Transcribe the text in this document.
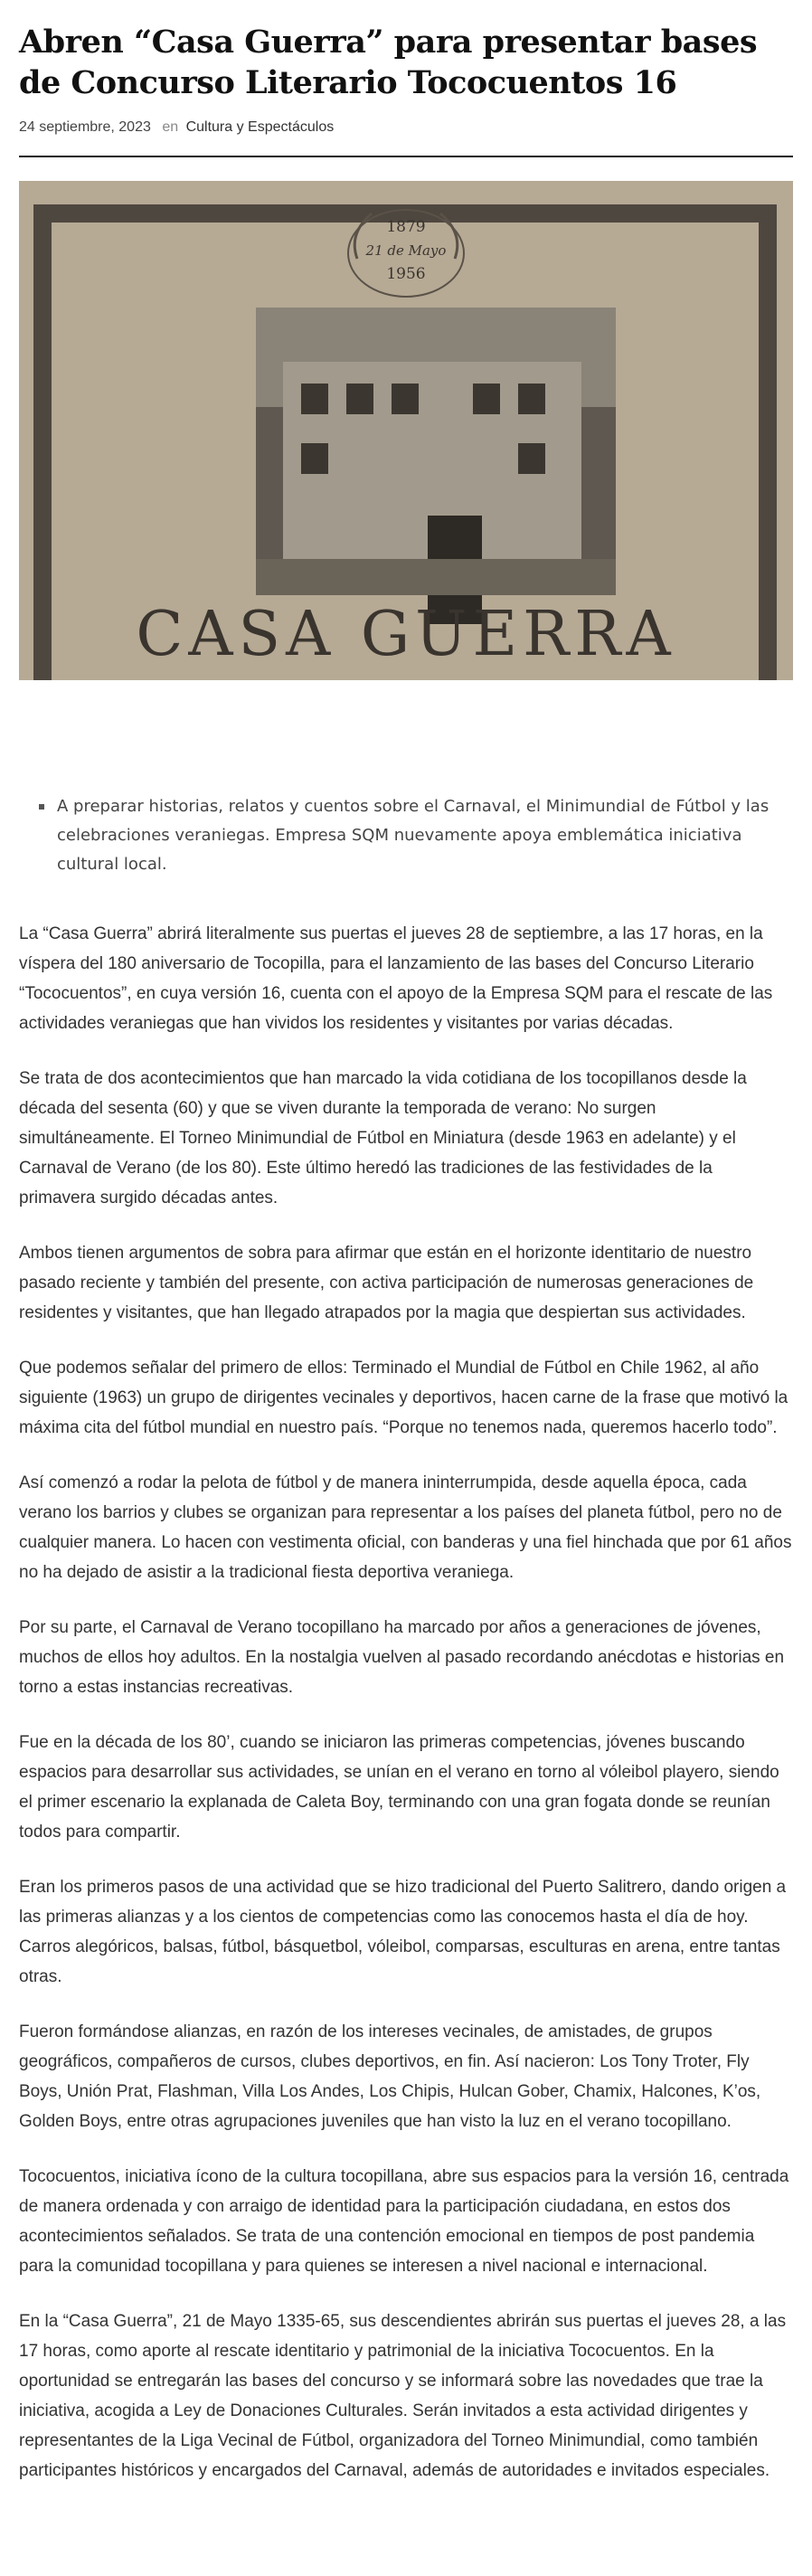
Abren “Casa Guerra” para presentar bases de Concurso Literario Tococuentos 16
24 septiembre, 2023 en Cultura y Espectáculos
1879
21 de Mayo
1956
CASA GUERRA
A preparar historias, relatos y cuentos sobre el Carnaval, el Minimundial de Fútbol y las celebraciones veraniegas. Empresa SQM nuevamente apoya emblemática iniciativa cultural local.

La “Casa Guerra” abrirá literalmente sus puertas el jueves 28 de septiembre, a las 17 horas, en la víspera del 180 aniversario de Tocopilla, para el lanzamiento de las bases del Concurso Literario “Tococuentos”, en cuya versión 16, cuenta con el apoyo de la Empresa SQM para el rescate de las actividades veraniegas que han vividos los residentes y visitantes por varias décadas.

Se trata de dos acontecimientos que han marcado la vida cotidiana de los tocopillanos desde la década del sesenta (60) y que se viven durante la temporada de verano: No surgen simultáneamente. El Torneo Minimundial de Fútbol en Miniatura (desde 1963 en adelante) y el Carnaval de Verano (de los 80). Este último heredó las tradiciones de las festividades de la primavera surgido décadas antes.

Ambos tienen argumentos de sobra para afirmar que están en el horizonte identitario de nuestro pasado reciente y también del presente, con activa participación de numerosas generaciones de residentes y visitantes, que han llegado atrapados por la magia que despiertan sus actividades.

Que podemos señalar del primero de ellos: Terminado el Mundial de Fútbol en Chile 1962, al año siguiente (1963) un grupo de dirigentes vecinales y deportivos, hacen carne de la frase que motivó la máxima cita del fútbol mundial en nuestro país. “Porque no tenemos nada, queremos hacerlo todo”.

Así comenzó a rodar la pelota de fútbol y de manera ininterrumpida, desde aquella época, cada verano los barrios y clubes se organizan para representar a los países del planeta fútbol, pero no de cualquier manera. Lo hacen con vestimenta oficial, con banderas y una fiel hinchada que por 61 años no ha dejado de asistir a la tradicional fiesta deportiva veraniega.

Por su parte, el Carnaval de Verano tocopillano ha marcado por años a generaciones de jóvenes, muchos de ellos hoy adultos. En la nostalgia vuelven al pasado recordando anécdotas e historias en torno a estas instancias recreativas.

Fue en la década de los 80’, cuando se iniciaron las primeras competencias, jóvenes buscando espacios para desarrollar sus actividades, se unían en el verano en torno al vóleibol playero, siendo el primer escenario la explanada de Caleta Boy, terminando con una gran fogata donde se reunían todos para compartir.

Eran los primeros pasos de una actividad que se hizo tradicional del Puerto Salitrero, dando origen a las primeras alianzas y a los cientos de competencias como las conocemos hasta el día de hoy. Carros alegóricos, balsas, fútbol, básquetbol, vóleibol, comparsas, esculturas en arena, entre tantas otras.

Fueron formándose alianzas, en razón de los intereses vecinales, de amistades, de grupos geográficos, compañeros de cursos, clubes deportivos, en fin. Así nacieron: Los Tony Troter, Fly Boys, Unión Prat, Flashman, Villa Los Andes, Los Chipis, Hulcan Gober, Chamix, Halcones, K’os, Golden Boys, entre otras agrupaciones juveniles que han visto la luz en el verano tocopillano.

Tococuentos, iniciativa ícono de la cultura tocopillana, abre sus espacios para la versión 16, centrada de manera ordenada y con arraigo de identidad para la participación ciudadana, en estos dos acontecimientos señalados. Se trata de una contención emocional en tiempos de post pandemia para la comunidad tocopillana y para quienes se interesen a nivel nacional e internacional.

En la “Casa Guerra”, 21 de Mayo 1335-65, sus descendientes abrirán sus puertas el jueves 28, a las 17 horas, como aporte al rescate identitario y patrimonial de la iniciativa Tococuentos. En la oportunidad se entregarán las bases del concurso y se informará sobre las novedades que trae la iniciativa, acogida a Ley de Donaciones Culturales. Serán invitados a esta actividad dirigentes y representantes de la Liga Vecinal de Fútbol, organizadora del Torneo Minimundial, como también participantes históricos y encargados del Carnaval, además de autoridades e invitados especiales.
